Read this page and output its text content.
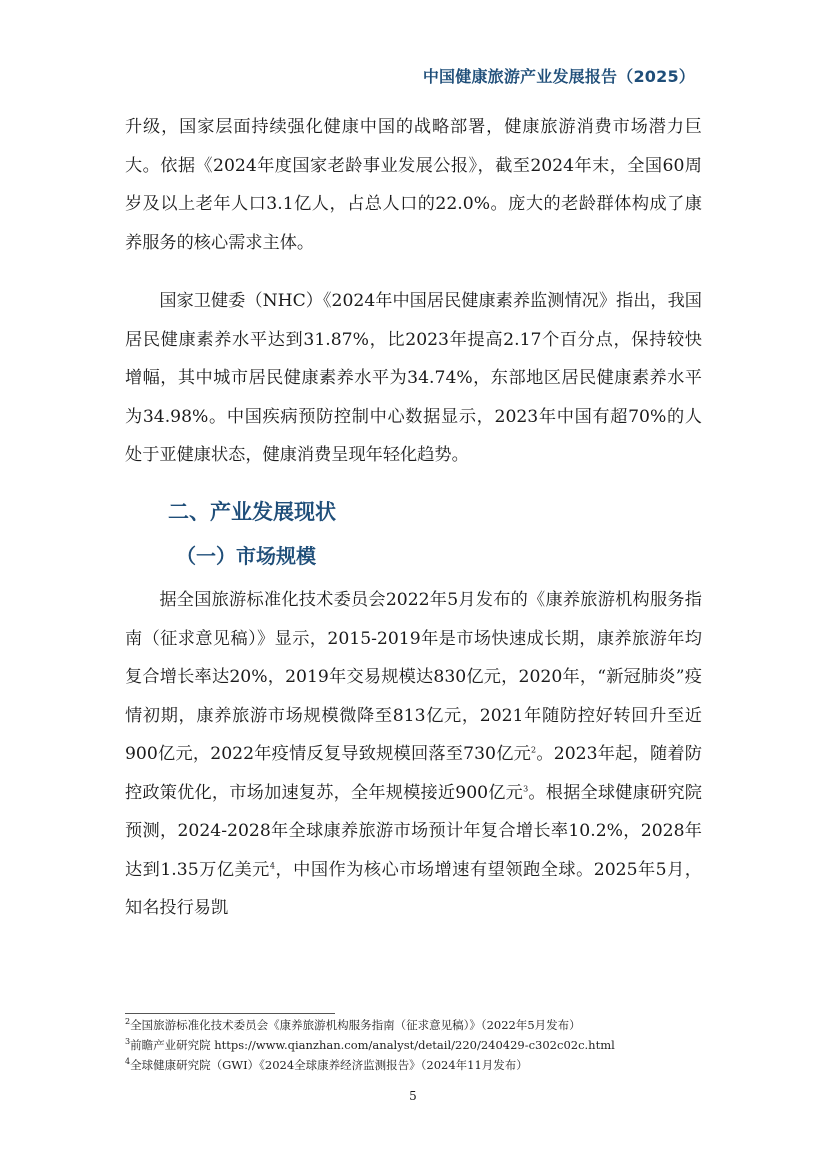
中国健康旅游产业发展报告（2025）

升级，国家层面持续强化健康中国的战略部署，健康旅游消费市场潜力巨大。依据《2024年度国家老龄事业发展公报》，截至2024年末，全国60周岁及以上老年人口3.1亿人，占总人口的22.0%。庞大的老龄群体构成了康养服务的核心需求主体。

国家卫健委（NHC）《2024年中国居民健康素养监测情况》指出，我国居民健康素养水平达到31.87%，比2023年提高2.17个百分点，保持较快增幅，其中城市居民健康素养水平为34.74%，东部地区居民健康素养水平为34.98%。中国疾病预防控制中心数据显示，2023年中国有超70%的人处于亚健康状态，健康消费呈现年轻化趋势。

二、产业发展现状
（一）市场规模

据全国旅游标准化技术委员会2022年5月发布的《康养旅游机构服务指南（征求意见稿）》显示，2015-2019年是市场快速成长期，康养旅游年均复合增长率达20%，2019年交易规模达830亿元，2020年，“新冠肺炎”疫情初期，康养旅游市场规模微降至813亿元，2021年随防控好转回升至近900亿元，2022年疫情反复导致规模回落至730亿元$^2$。2023年起，随着防控政策优化，市场加速复苏，全年规模接近900亿元$^3$。根据全球健康研究院预测，2024-2028年全球康养旅游市场预计年复合增长率10.2%，2028年达到1.35万亿美元$^4$，中国作为核心市场增速有望领跑全球。2025年5月，知名投行易凯

$^2$全国旅游标准化技术委员会《康养旅游机构服务指南（征求意见稿）》（2022年5月发布）
$^3$前瞻产业研究院 https://www.qianzhan.com/analyst/detail/220/240429-c302c02c.html
$^4$全球健康研究院（GWI）《2024全球康养经济监测报告》（2024年11月发布）
5
